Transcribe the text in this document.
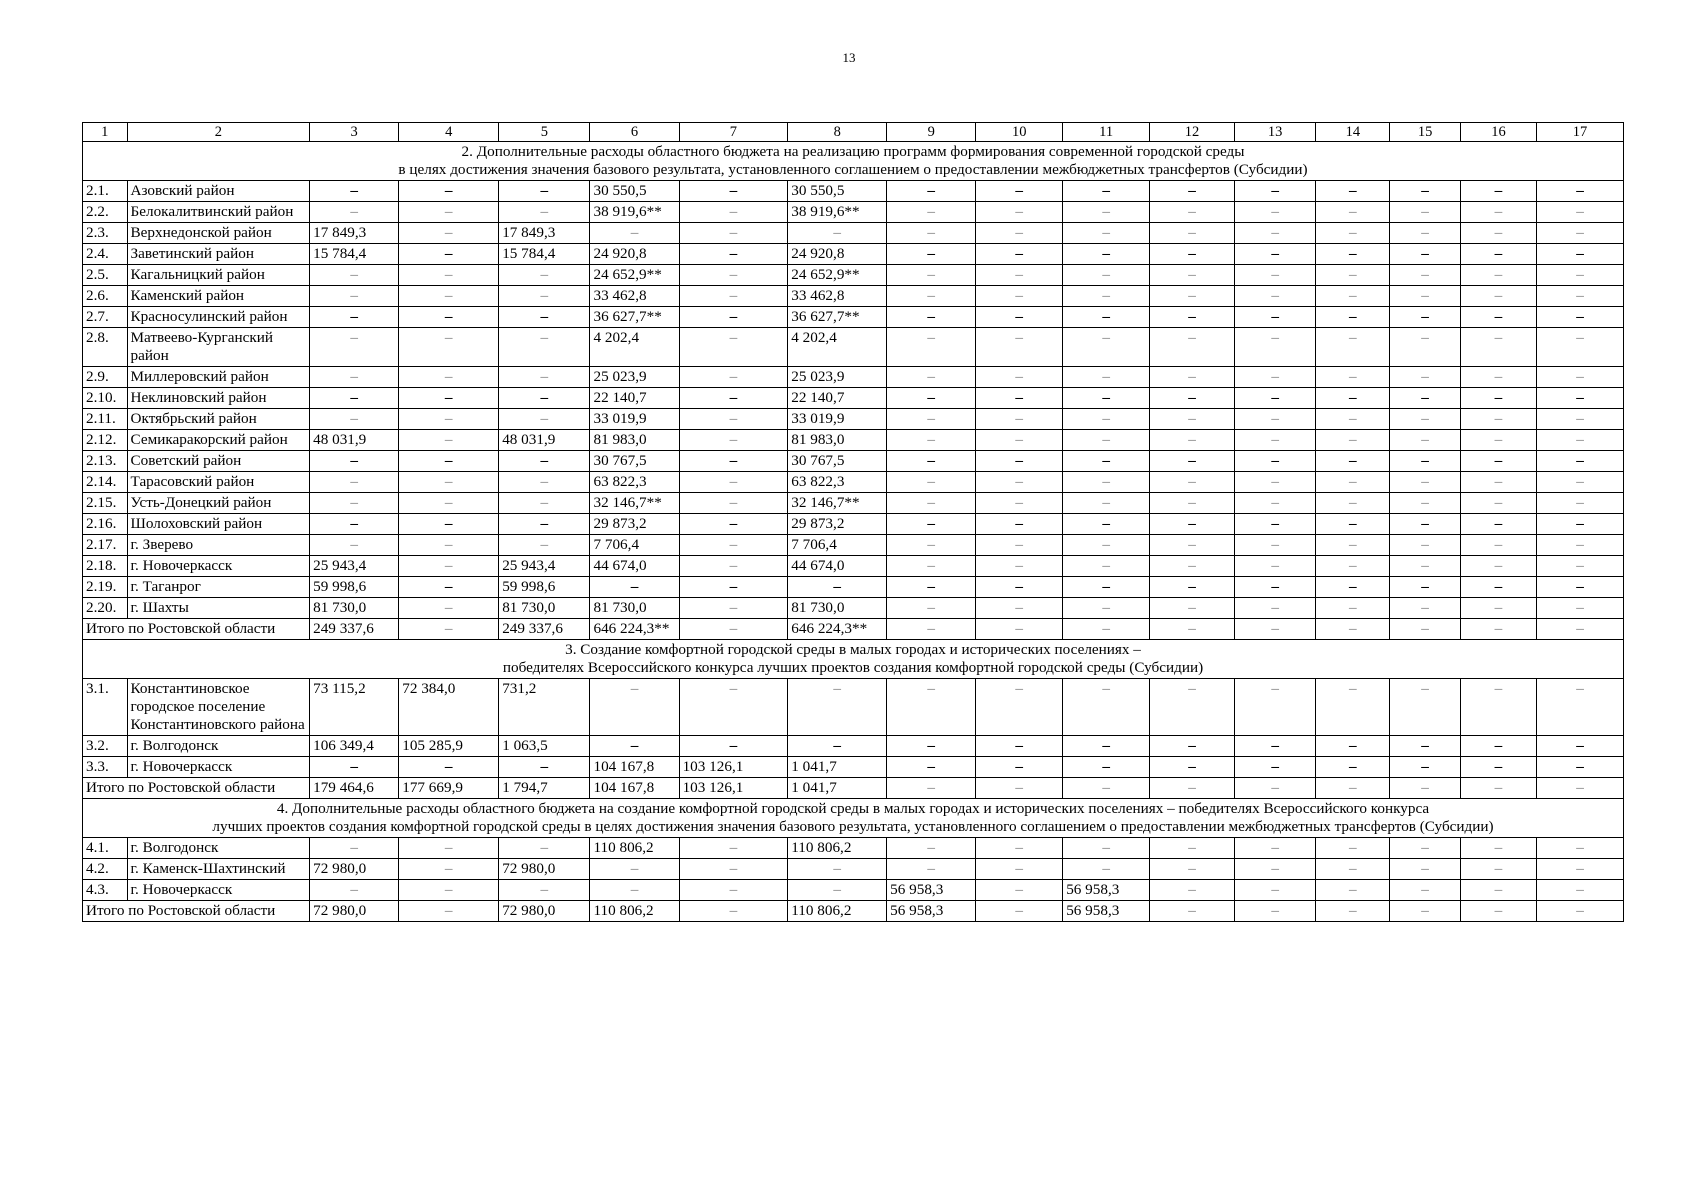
13
1	2	3	4	5	6	7	8	9	10	11	12	13	14	15	16	17

2. Дополнительные расходы областного бюджета на реализацию программ формирования современной городской среды
в целях достижения значения базового результата, установленного соглашением о предоставлении межбюджетных трансфертов (Субсидии)																

2.1.	Азовский район	–	–	–	30 550,5	–	30 550,5	–	–	–	–	–	–	–	–	–

2.2.	Белокалитвинский район	–	–	–	38 919,6**	–	38 919,6**	–	–	–	–	–	–	–	–	–

2.3.	Верхнедонской район	17 849,3	–	17 849,3	–	–	–	–	–	–	–	–	–	–	–	–

2.4.	Заветинский район	15 784,4	–	15 784,4	24 920,8	–	24 920,8	–	–	–	–	–	–	–	–	–

2.5.	Кагальницкий район	–	–	–	24 652,9**	–	24 652,9**	–	–	–	–	–	–	–	–	–

2.6.	Каменский район	–	–	–	33 462,8	–	33 462,8	–	–	–	–	–	–	–	–	–

2.7.	Красносулинский район	–	–	–	36 627,7**	–	36 627,7**	–	–	–	–	–	–	–	–	–

2.8.	Матвеево-Курганский район	–	–	–	4 202,4	–	4 202,4	–	–	–	–	–	–	–	–	–

2.9.	Миллеровский район	–	–	–	25 023,9	–	25 023,9	–	–	–	–	–	–	–	–	–

2.10.	Неклиновский район	–	–	–	22 140,7	–	22 140,7	–	–	–	–	–	–	–	–	–

2.11.	Октябрьский район	–	–	–	33 019,9	–	33 019,9	–	–	–	–	–	–	–	–	–

2.12.	Семикаракорский район	48 031,9	–	48 031,9	81 983,0	–	81 983,0	–	–	–	–	–	–	–	–	–

2.13.	Советский район	–	–	–	30 767,5	–	30 767,5	–	–	–	–	–	–	–	–	–

2.14.	Тарасовский район	–	–	–	63 822,3	–	63 822,3	–	–	–	–	–	–	–	–	–

2.15.	Усть-Донецкий район	–	–	–	32 146,7**	–	32 146,7**	–	–	–	–	–	–	–	–	–

2.16.	Шолоховский район	–	–	–	29 873,2	–	29 873,2	–	–	–	–	–	–	–	–	–

2.17.	г. Зверево	–	–	–	7 706,4	–	7 706,4	–	–	–	–	–	–	–	–	–

2.18.	г. Новочеркасск	25 943,4	–	25 943,4	44 674,0	–	44 674,0	–	–	–	–	–	–	–	–	–

2.19.	г. Таганрог	59 998,6	–	59 998,6	–	–	–	–	–	–	–	–	–	–	–	–

2.20.	г. Шахты	81 730,0	–	81 730,0	81 730,0	–	81 730,0	–	–	–	–	–	–	–	–	–

Итого по Ростовской области		249 337,6	–	249 337,6	646 224,3**	–	646 224,3**	–	–	–	–	–	–	–	–	–

3. Создание комфортной городской среды в малых городах и исторических поселениях –
победителях Всероссийского конкурса лучших проектов создания комфортной городской среды (Субсидии)																

3.1.	Константиновское городское поселение Константиновского района	73 115,2	72 384,0	731,2	–	–	–	–	–	–	–	–	–	–	–	–

3.2.	г. Волгодонск	106 349,4	105 285,9	1 063,5	–	–	–	–	–	–	–	–	–	–	–	–

3.3.	г. Новочеркасск	–	–	–	104 167,8	103 126,1	1 041,7	–	–	–	–	–	–	–	–	–

Итого по Ростовской области		179 464,6	177 669,9	1 794,7	104 167,8	103 126,1	1 041,7	–	–	–	–	–	–	–	–	–

4. Дополнительные расходы областного бюджета на создание комфортной городской среды в малых городах и исторических поселениях – победителях Всероссийского конкурса
лучших проектов создания комфортной городской среды в целях достижения значения базового результата, установленного соглашением о предоставлении межбюджетных трансфертов (Субсидии)																

4.1.	г. Волгодонск	–	–	–	110 806,2	–	110 806,2	–	–	–	–	–	–	–	–	–

4.2.	г. Каменск-Шахтинский	72 980,0	–	72 980,0	–	–	–	–	–	–	–	–	–	–	–	–

4.3.	г. Новочеркасск	–	–	–	–	–	–	56 958,3	–	56 958,3	–	–	–	–	–	–

Итого по Ростовской области		72 980,0	–	72 980,0	110 806,2	–	110 806,2	56 958,3	–	56 958,3	–	–	–	–	–	–
